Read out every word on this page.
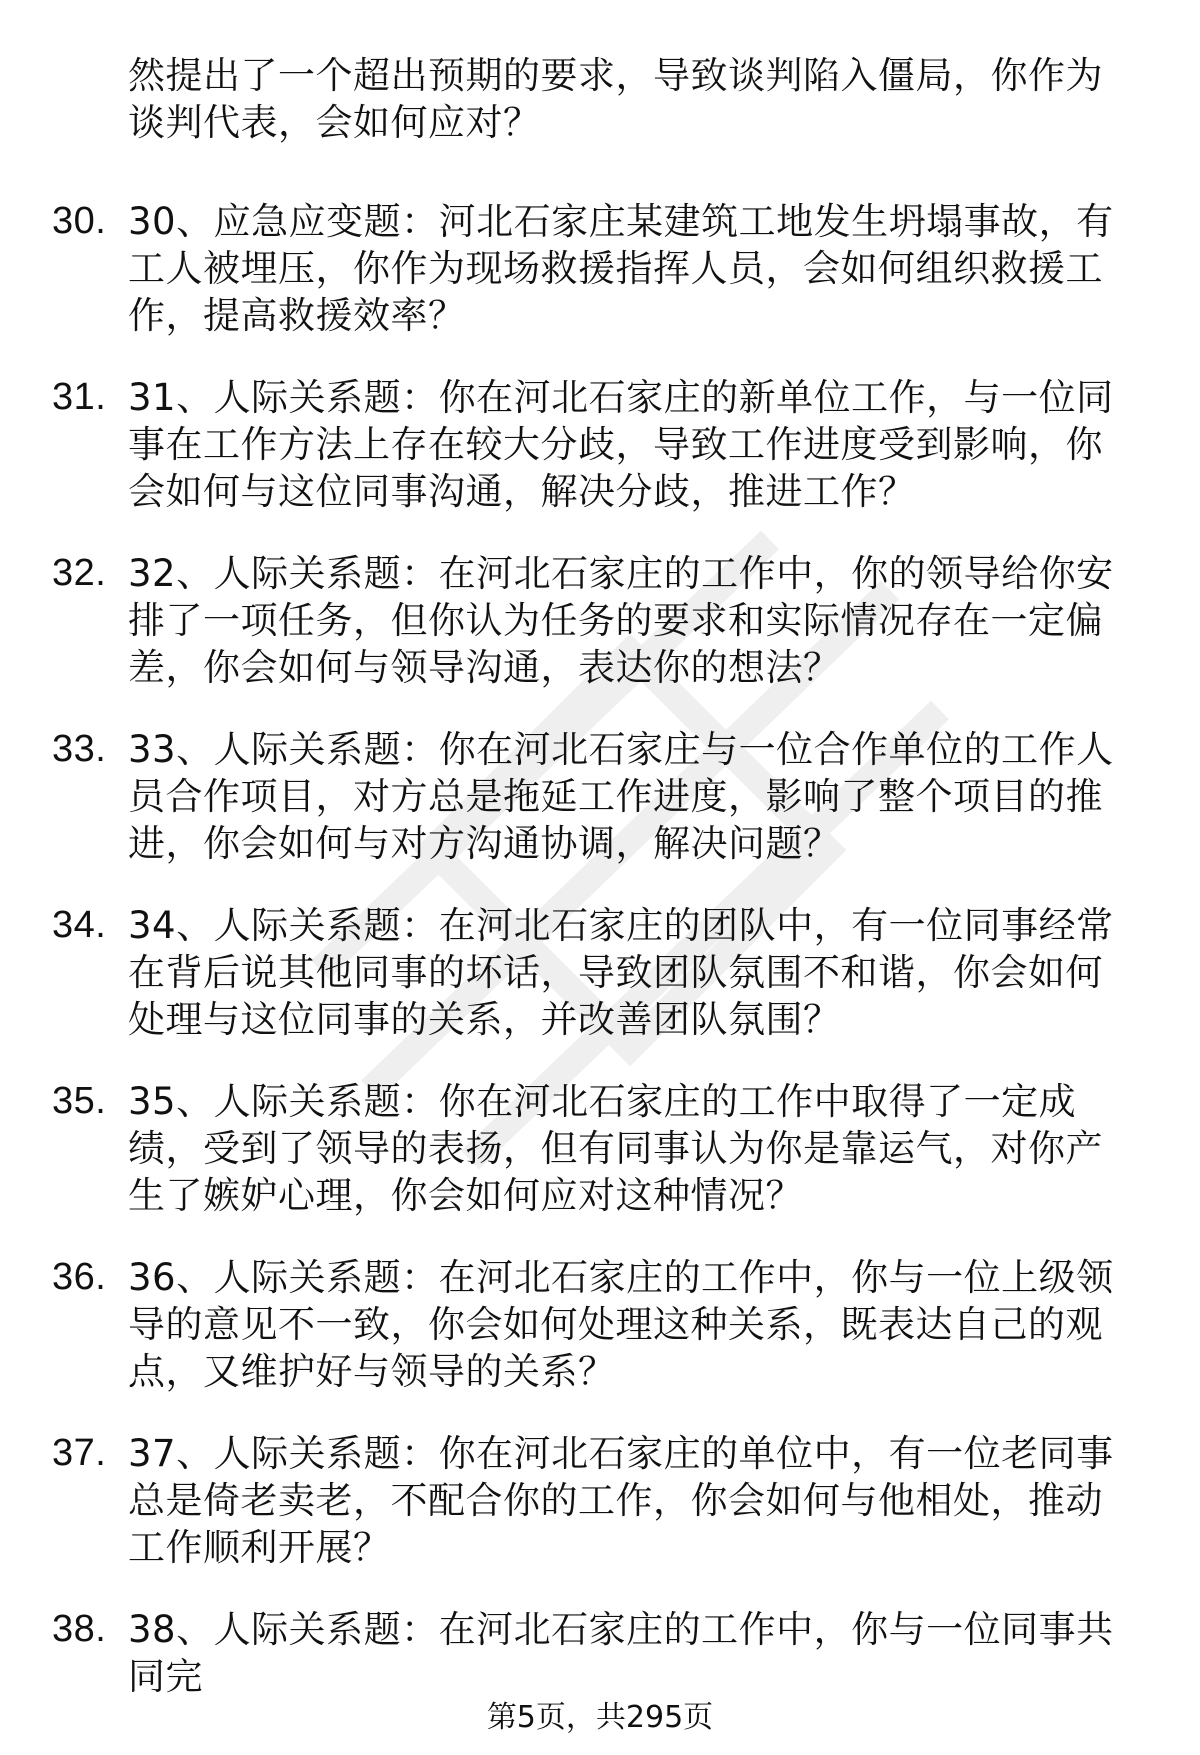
然提出了一个超出预期的要求，导致谈判陷入僵局，你作为谈判代表，会如何应对？
30. 30、应急应变题：河北石家庄某建筑工地发生坍塌事故，有工人被埋压，你作为现场救援指挥人员，会如何组织救援工作，提高救援效率？
31. 31、人际关系题：你在河北石家庄的新单位工作，与一位同事在工作方法上存在较大分歧，导致工作进度受到影响，你会如何与这位同事沟通，解决分歧，推进工作？
32. 32、人际关系题：在河北石家庄的工作中，你的领导给你安排了一项任务，但你认为任务的要求和实际情况存在一定偏差，你会如何与领导沟通，表达你的想法？
33. 33、人际关系题：你在河北石家庄与一位合作单位的工作人员合作项目，对方总是拖延工作进度，影响了整个项目的推进，你会如何与对方沟通协调，解决问题？
34. 34、人际关系题：在河北石家庄的团队中，有一位同事经常在背后说其他同事的坏话，导致团队氛围不和谐，你会如何处理与这位同事的关系，并改善团队氛围？
35. 35、人际关系题：你在河北石家庄的工作中取得了一定成绩，受到了领导的表扬，但有同事认为你是靠运气，对你产生了嫉妒心理，你会如何应对这种情况？
36. 36、人际关系题：在河北石家庄的工作中，你与一位上级领导的意见不一致，你会如何处理这种关系，既表达自己的观点，又维护好与领导的关系？
37. 37、人际关系题：你在河北石家庄的单位中，有一位老同事总是倚老卖老，不配合你的工作，你会如何与他相处，推动工作顺利开展？
38. 38、人际关系题：在河北石家庄的工作中，你与一位同事共同完
第5页，共295页
